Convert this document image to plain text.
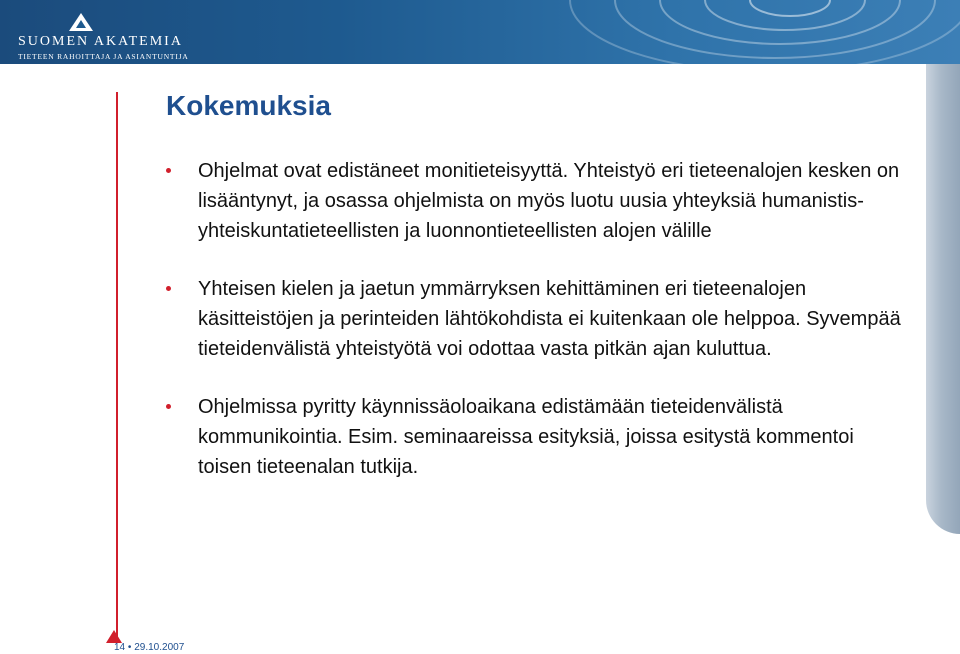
SUOMEN AKATEMIA
TIETEEN RAHOITTAJA JA ASIANTUNTIJA
Kokemuksia
Ohjelmat ovat edistäneet monitieteisyyttä. Yhteistyö eri tieteenalojen kesken on lisääntynyt, ja osassa ohjelmista on myös luotu uusia yhteyksiä humanistis-yhteiskuntatieteellisten ja luonnontieteellisten alojen välille
Yhteisen kielen ja jaetun ymmärryksen kehittäminen eri tieteenalojen käsitteistöjen ja perinteiden lähtökohdista ei kuitenkaan ole helppoa. Syvempää tieteidenvälistä yhteistyötä voi odottaa vasta pitkän ajan kuluttua.
Ohjelmissa pyritty käynnissäoloaikana edistämään tieteidenvälistä kommunikointia. Esim. seminaareissa esityksiä, joissa esitystä kommentoi toisen tieteenalan tutkija.
14 • 29.10.2007
